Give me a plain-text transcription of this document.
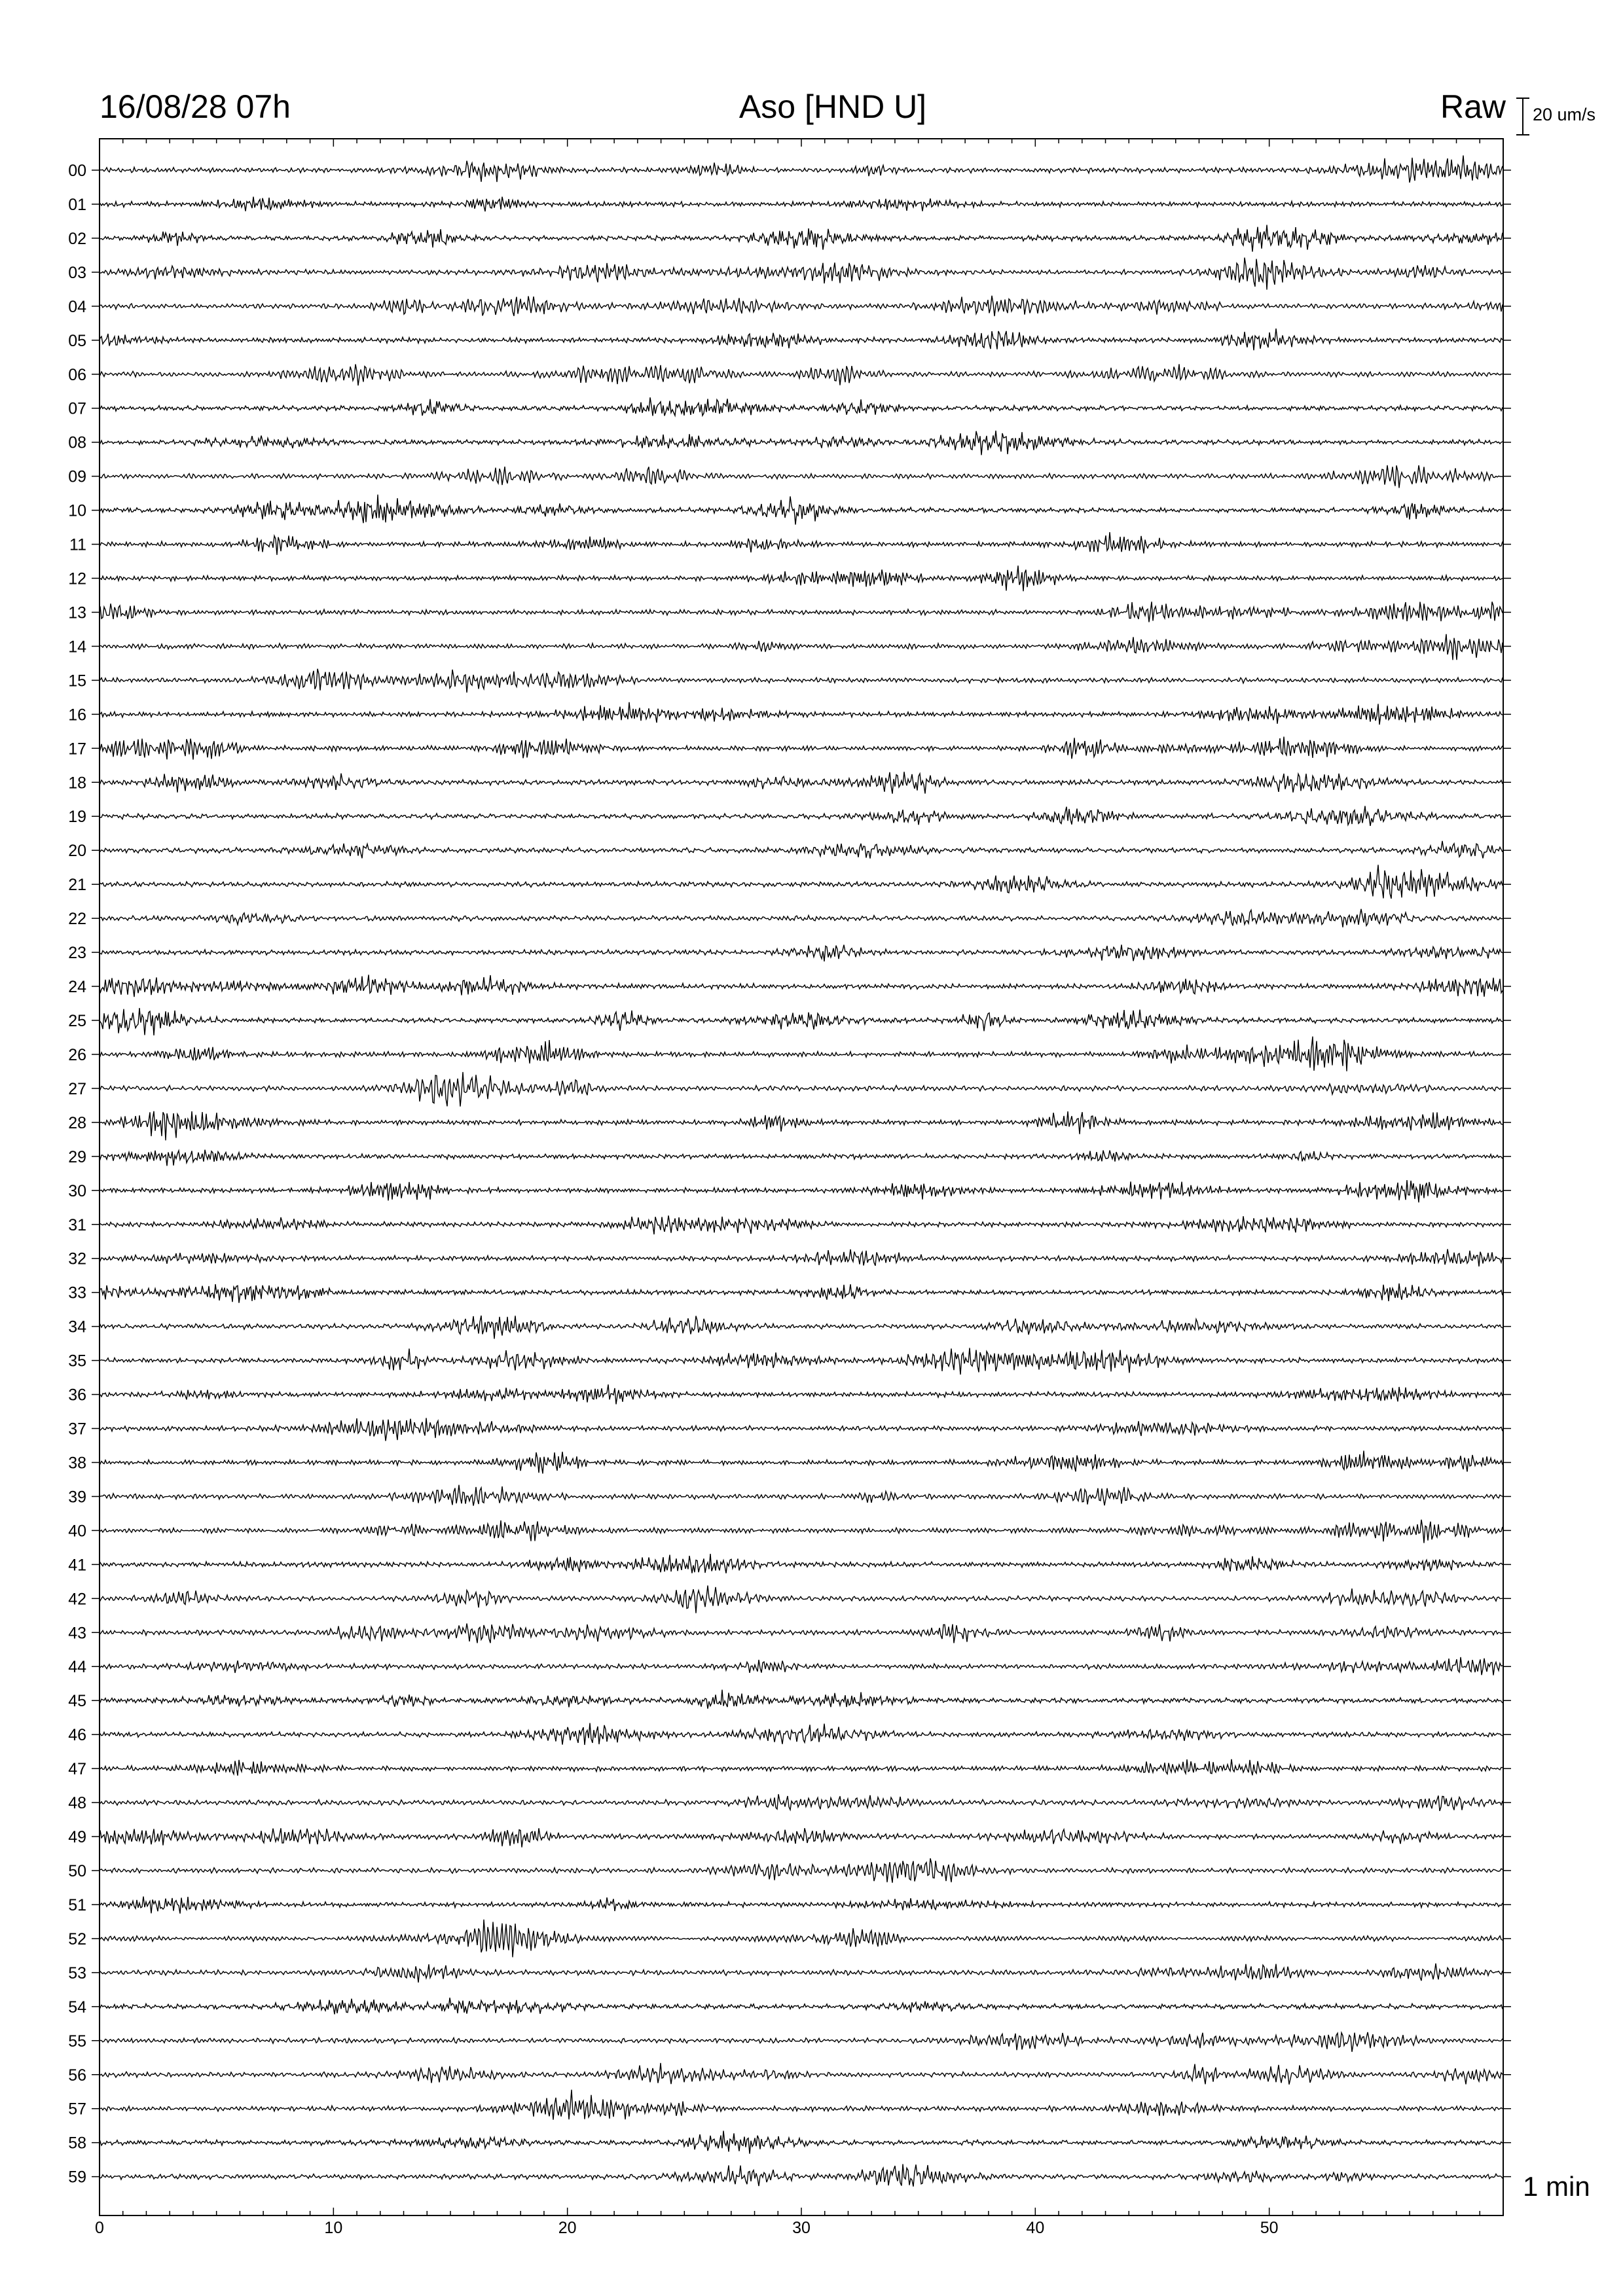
16/08/28 07h	Aso [HND U]	Raw 20 um/s
1 min
00
01
02
03
04
05
06
07
08
09
10
11
12
13
14
15
16
17
18
19
20
21
22
23
24
25
26
27
28
29
30
31
32
33
34
35
36
37
38
39
40
41
42
43
44
45
46
47
48
49
50
51
52
53
54
55
56
57
58
59
0	10	20	30	40	50
